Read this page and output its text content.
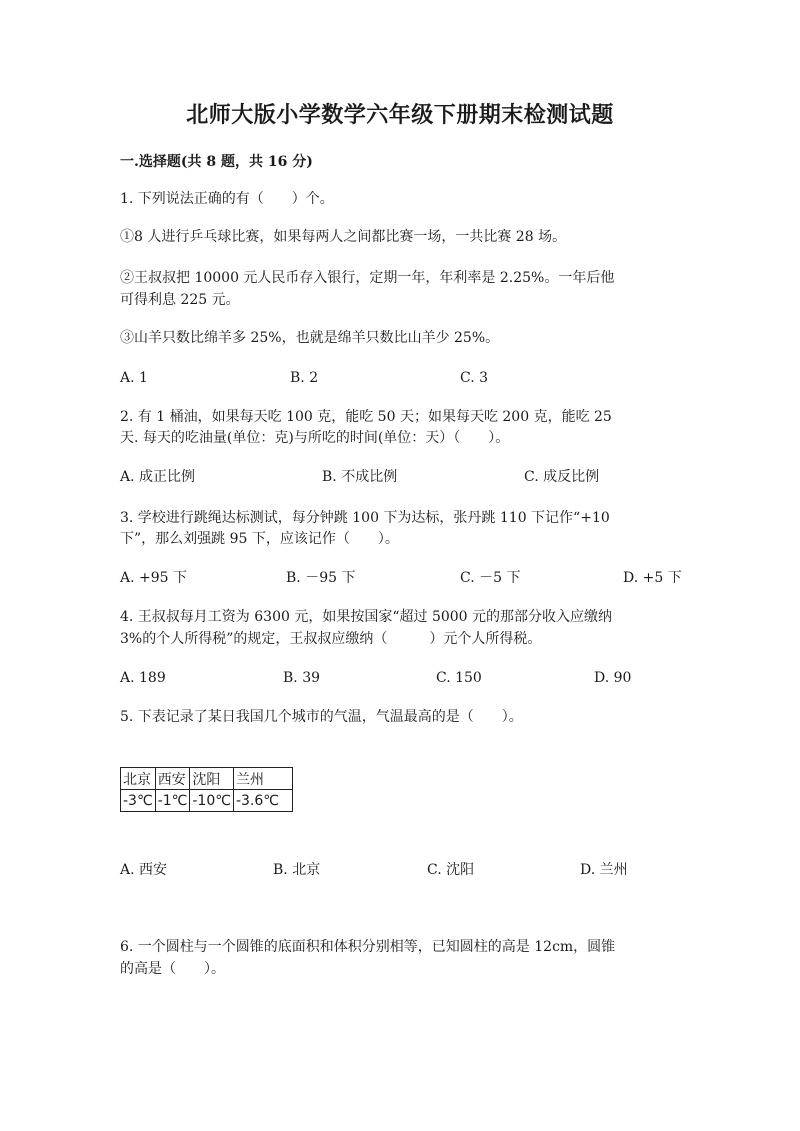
北师大版小学数学六年级下册期末检测试题
一.选择题(共 8 题，共 16 分)
1. 下列说法正确的有（　　）个。
①8 人进行乒乓球比赛，如果每两人之间都比赛一场，一共比赛 28 场。
②王叔叔把 10000 元人民币存入银行，定期一年，年利率是 2.25%。一年后他
可得利息 225 元。
③山羊只数比绵羊多 25%，也就是绵羊只数比山羊少 25%。
A. 1	B. 2	C. 3
2. 有 1 桶油，如果每天吃 100 克，能吃 50 天；如果每天吃 200 克，能吃 25
天. 每天的吃油量(单位：克)与所吃的时间(单位：天）（　　）。
A. 成正比例	B. 不成比例	C. 成反比例
3. 学校进行跳绳达标测试，每分钟跳 100 下为达标，张丹跳 110 下记作“+10
下”，那么刘强跳 95 下，应该记作（　　）。
A. +95 下	B. －95 下	C. －5 下	D. +5 下
4. 王叔叔每月工资为 6300 元，如果按国家“超过 5000 元的那部分收入应缴纳
3%的个人所得税”的规定，王叔叔应缴纳（　　　）元个人所得税。
A. 189	B. 39	C. 150	D. 90
5. 下表记录了某日我国几个城市的气温，气温最高的是（　　）。
北京	西安	沈阳	兰州
-3℃	-1℃	-10℃	-3.6℃
A. 西安	B. 北京	C. 沈阳	D. 兰州
6. 一个圆柱与一个圆锥的底面积和体积分别相等，已知圆柱的高是 12cm，圆锥
的高是（　　）。
